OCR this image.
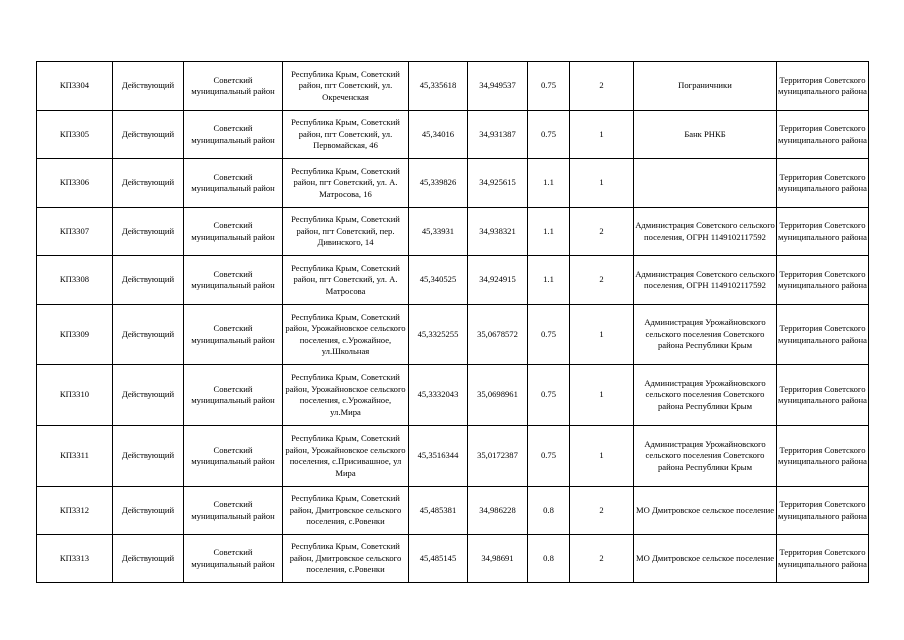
КП3304	Действующий	Советский муниципальный район	Республика Крым, Советский район, пгт Советский, ул. Окреченская	45,335618	34,949537	0.75	2	Пограничники	Территория Советского муниципального района
КП3305	Действующий	Советский муниципальный район	Республика Крым, Советский район, пгт Советский, ул. Первомайская, 46	45,34016	34,931387	0.75	1	Банк РНКБ	Территория Советского муниципального района
КП3306	Действующий	Советский муниципальный район	Республика Крым, Советский район, пгт Советский, ул. А. Матросова, 16	45,339826	34,925615	1.1	1		Территория Советского муниципального района
КП3307	Действующий	Советский муниципальный район	Республика Крым, Советский район, пгт Советский, пер. Дивинского, 14	45,33931	34,938321	1.1	2	Администрация Советского сельского поселения, ОГРН 1149102117592	Территория Советского муниципального района
КП3308	Действующий	Советский муниципальный район	Республика Крым, Советский район, пгт Советский, ул. А. Матросова	45,340525	34,924915	1.1	2	Администрация Советского сельского поселения, ОГРН 1149102117592	Территория Советского муниципального района
КП3309	Действующий	Советский муниципальный район	Республика Крым, Советский район, Урожайновское сельского поселения, с.Урожайное, ул.Школьная	45,3325255	35,0678572	0.75	1	Администрация Урожайновского сельского поселения Советского района Республики Крым	Территория Советского муниципального района
КП3310	Действующий	Советский муниципальный район	Республика Крым, Советский район, Урожайновское сельского поселения, с.Урожайное, ул.Мира	45,3332043	35,0698961	0.75	1	Администрация Урожайновского сельского поселения Советского района Республики Крым	Территория Советского муниципального района
КП3311	Действующий	Советский муниципальный район	Республика Крым, Советский район, Урожайновское сельского поселения, с.Присивашное, ул Мира	45,3516344	35,0172387	0.75	1	Администрация Урожайновского сельского поселения Советского района Республики Крым	Территория Советского муниципального района
КП3312	Действующий	Советский муниципальный район	Республика Крым, Советский район, Дмитровское сельского поселения, с.Ровенки	45,485381	34,986228	0.8	2	МО Дмитровское сельское поселение	Территория Советского муниципального района
КП3313	Действующий	Советский муниципальный район	Республика Крым, Советский район, Дмитровское сельского поселения, с.Ровенки	45,485145	34,98691	0.8	2	МО Дмитровское сельское поселение	Территория Советского муниципального района
